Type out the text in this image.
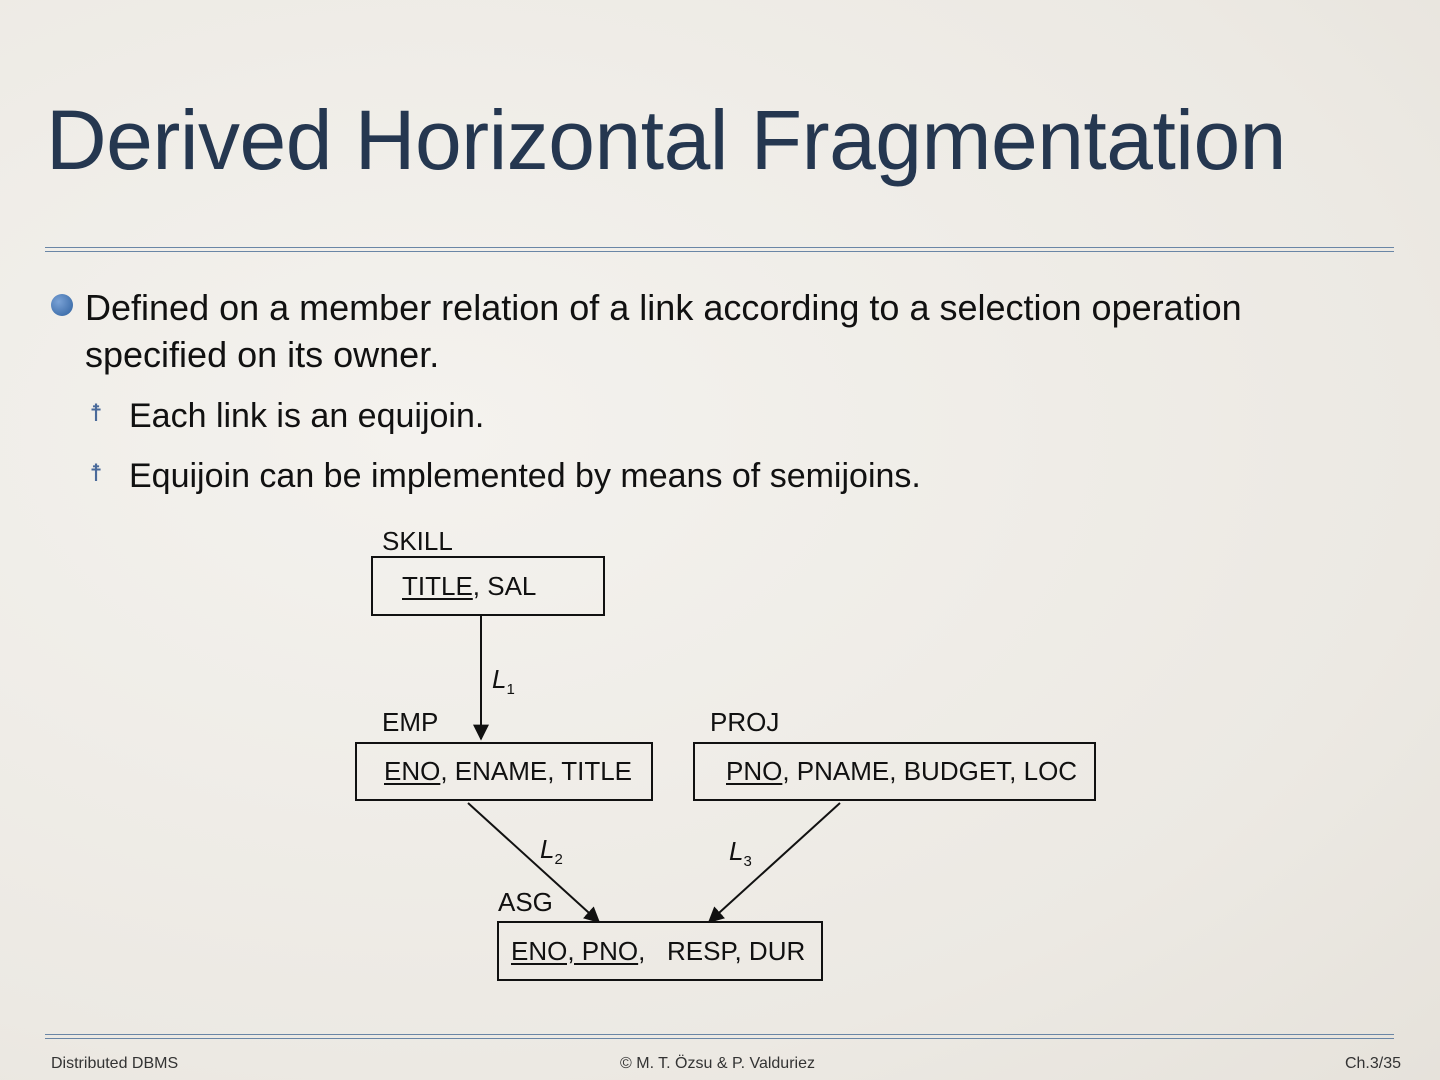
Derived Horizontal Fragmentation
Defined on a member relation of a link according to a selection operation specified on its owner.
☨ Each link is an equijoin.
☨ Equijoin can be implemented by means of semijoins.
SKILL
TITLE , SAL
$L_1$
EMP
ENO , ENAME, TITLE
PROJ
PNO , PNAME, BUDGET, LOC
$L_2$	$L_3$
ASG
ENO, PNO ,   RESP, DUR
Distributed DBMS	© M. T. Özsu & P. Valduriez	Ch.3/35
